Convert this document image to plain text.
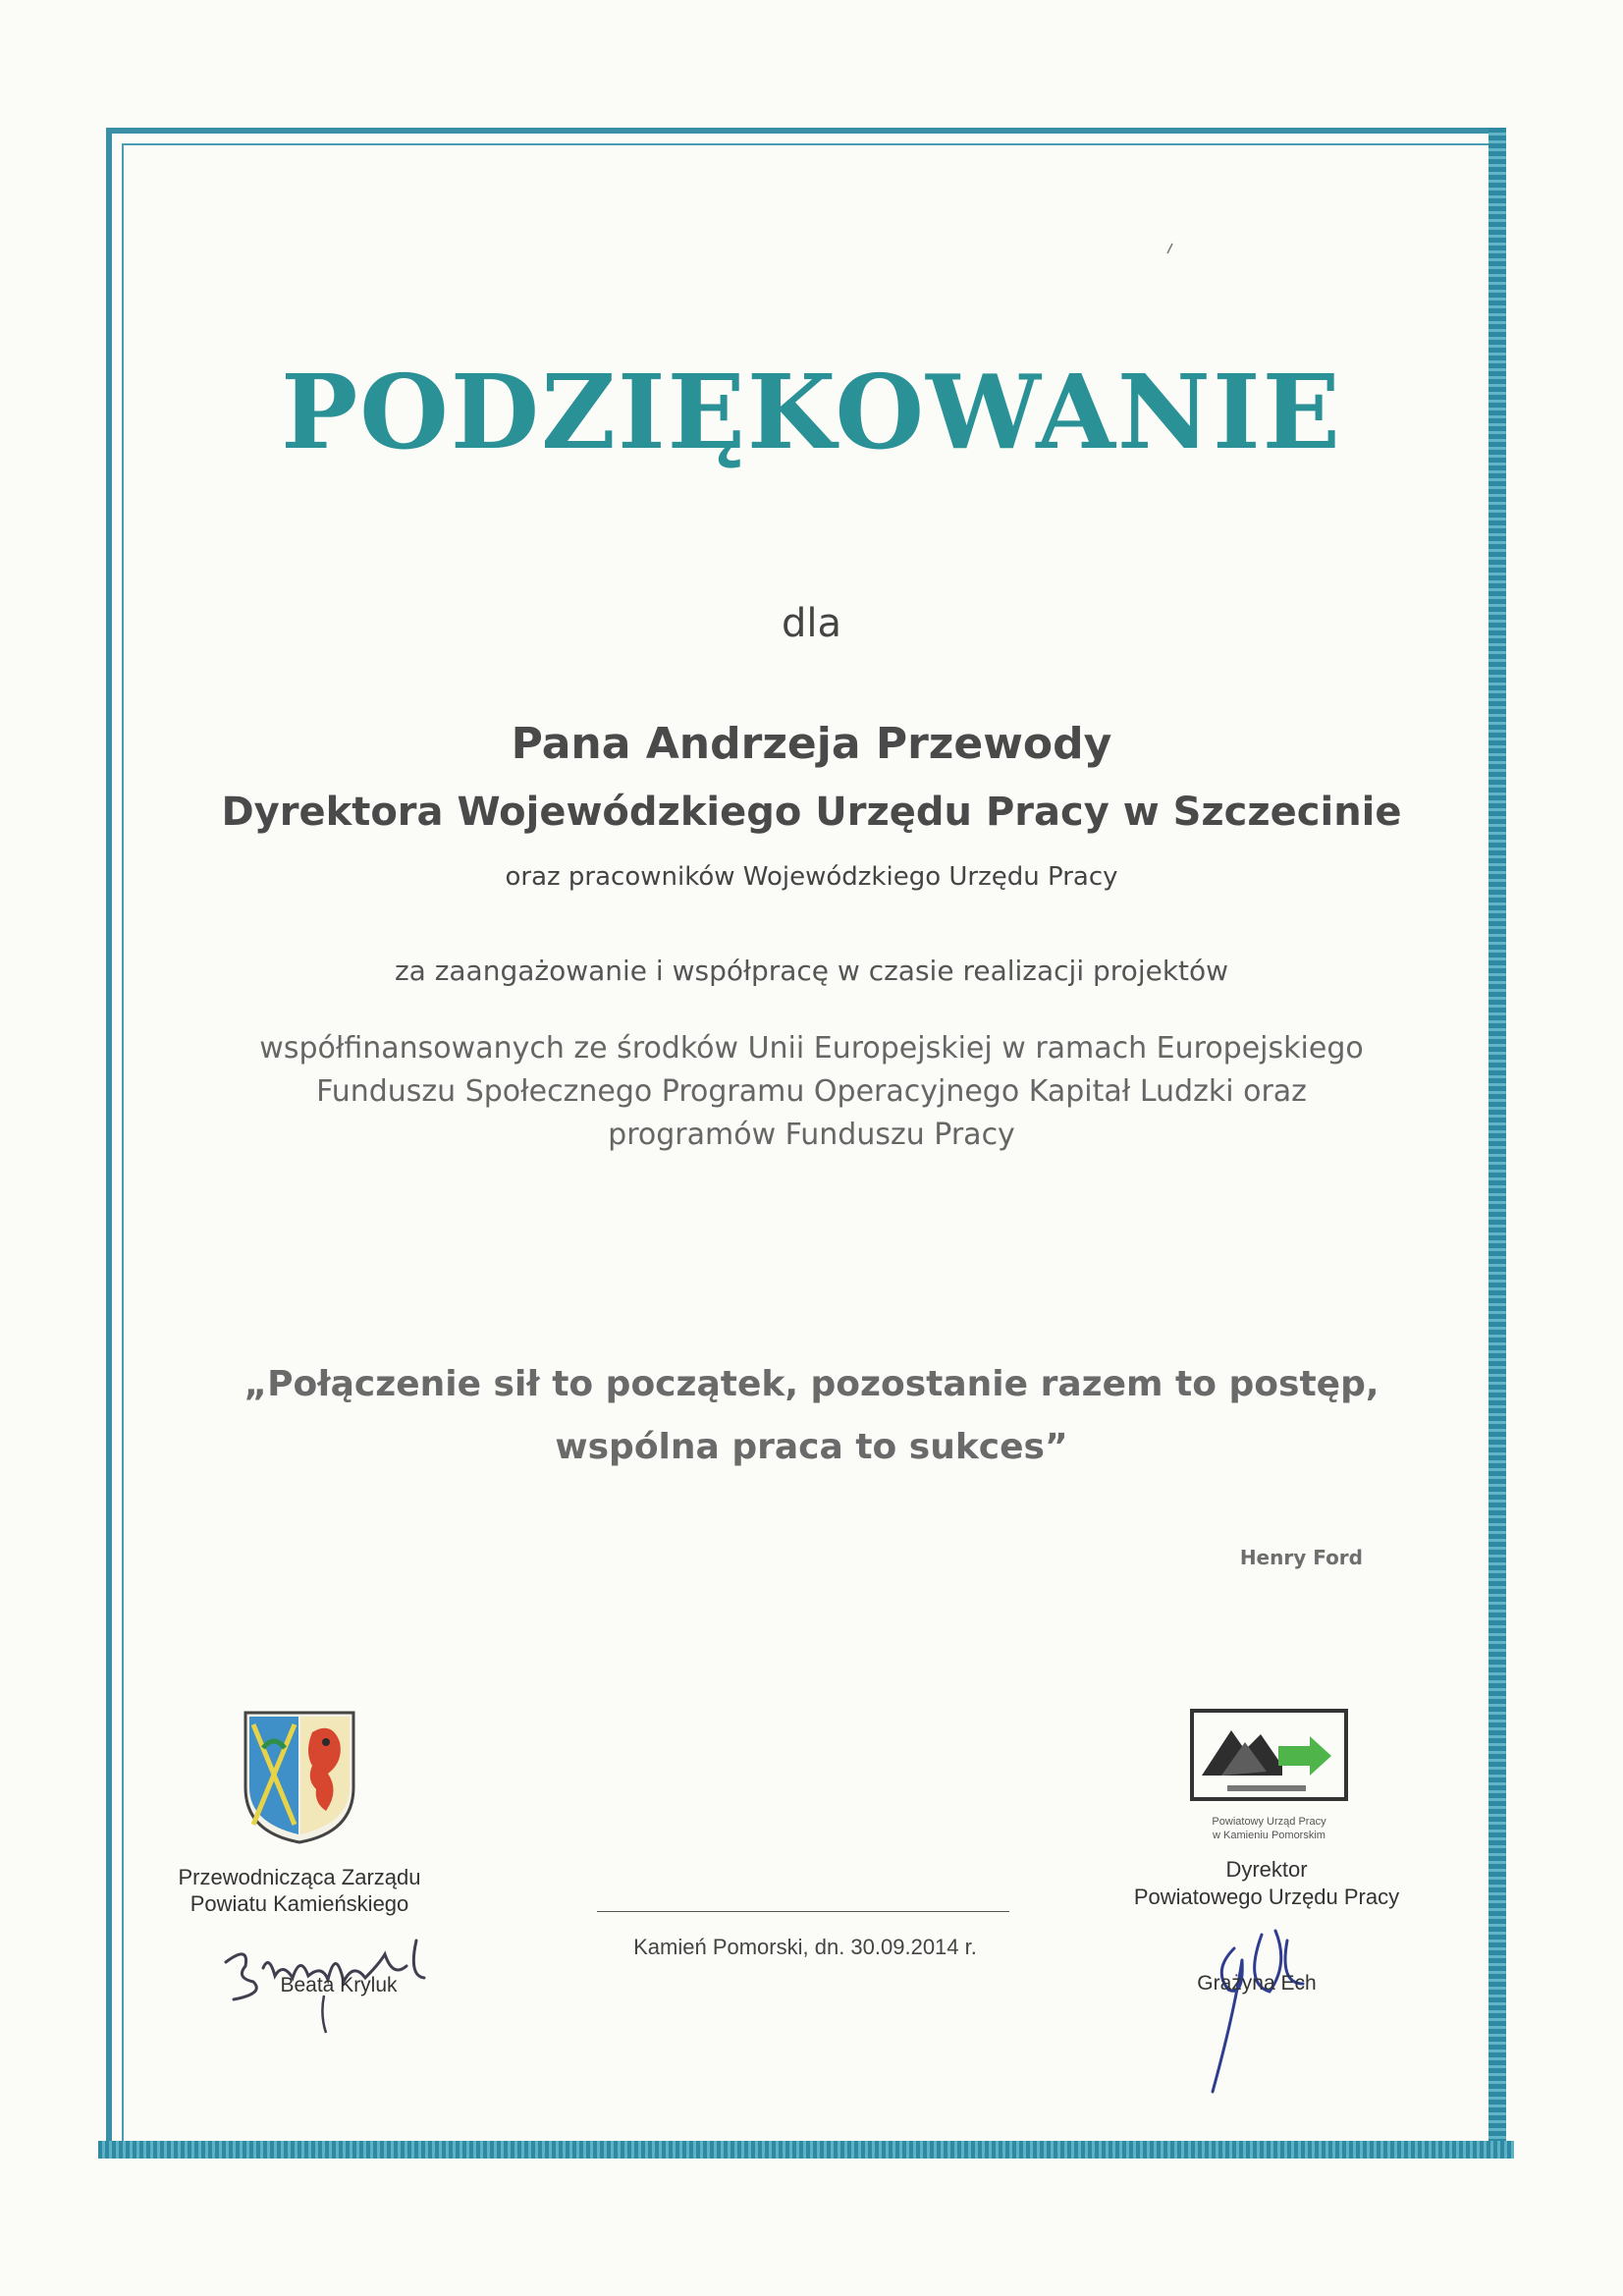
PODZIĘKOWANIE
dla
Pana Andrzeja Przewody
Dyrektora Wojewódzkiego Urzędu Pracy w Szczecinie
oraz pracowników Wojewódzkiego Urzędu Pracy
za zaangażowanie i współpracę w czasie realizacji projektów
współfinansowanych ze środków Unii Europejskiej w ramach Europejskiego
Funduszu Społecznego Programu Operacyjnego Kapitał Ludzki oraz
programów Funduszu Pracy
„Połączenie sił to początek, pozostanie razem to postęp,
wspólna praca to sukces”
Henry Ford
Przewodnicząca Zarządu
Powiatu Kamieńskiego
Beata Kryluk
Kamień Pomorski, dn. 30.09.2014 r.
Powiatowy Urząd Pracy
w Kamieniu Pomorskim
Dyrektor
Powiatowego Urzędu Pracy
Grażyna Ech
